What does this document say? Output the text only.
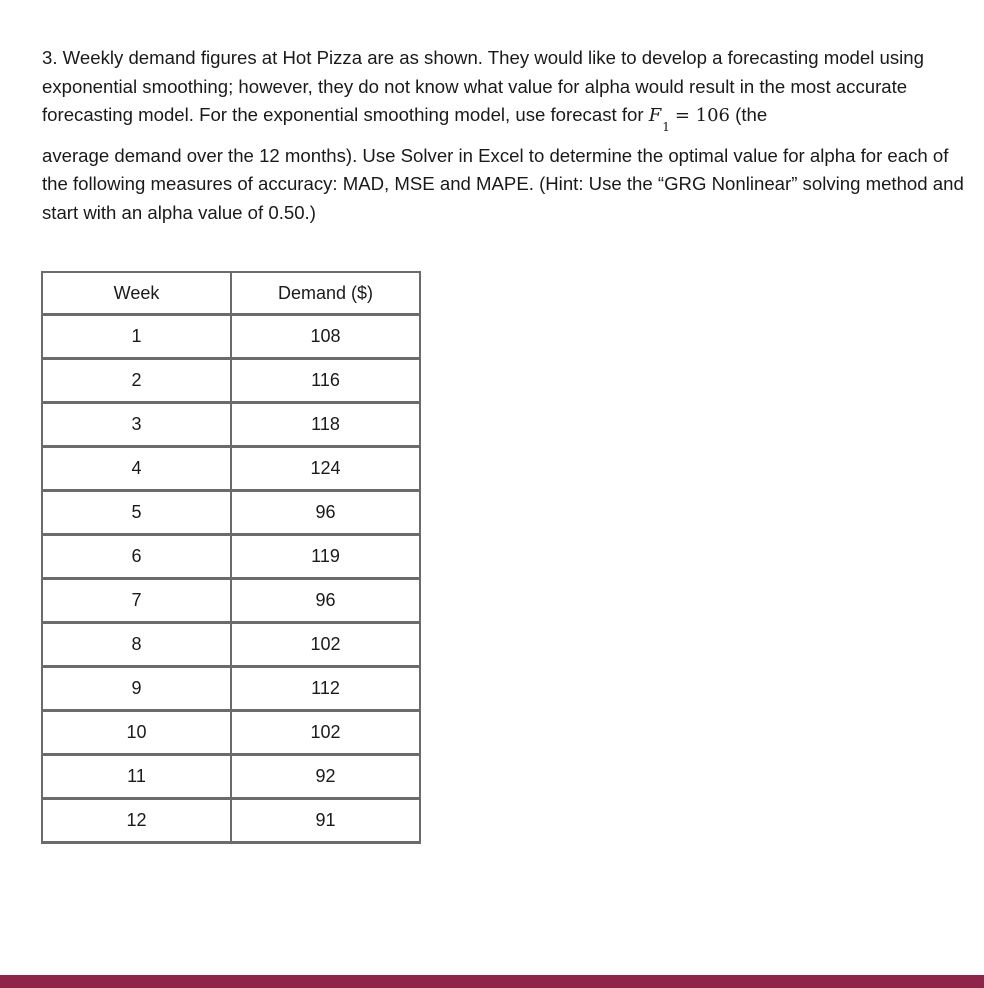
3. Weekly demand figures at Hot Pizza are as shown. They would like to develop a forecasting model using exponential smoothing; however, they do not know what value for alpha would result in the most accurate forecasting model. For the exponential smoothing model, use forecast for $F_1= 106$ (the

average demand over the 12 months). Use Solver in Excel to determine the optimal value for alpha for each of the following measures of accuracy: MAD, MSE and MAPE. (Hint: Use the “GRG Nonlinear” solving method and start with an alpha value of 0.50.)

Week	Demand ($)
1	108
2	116
3	118
4	124
5	96
6	119
7	96
8	102
9	112
10	102
11	92
12	91
